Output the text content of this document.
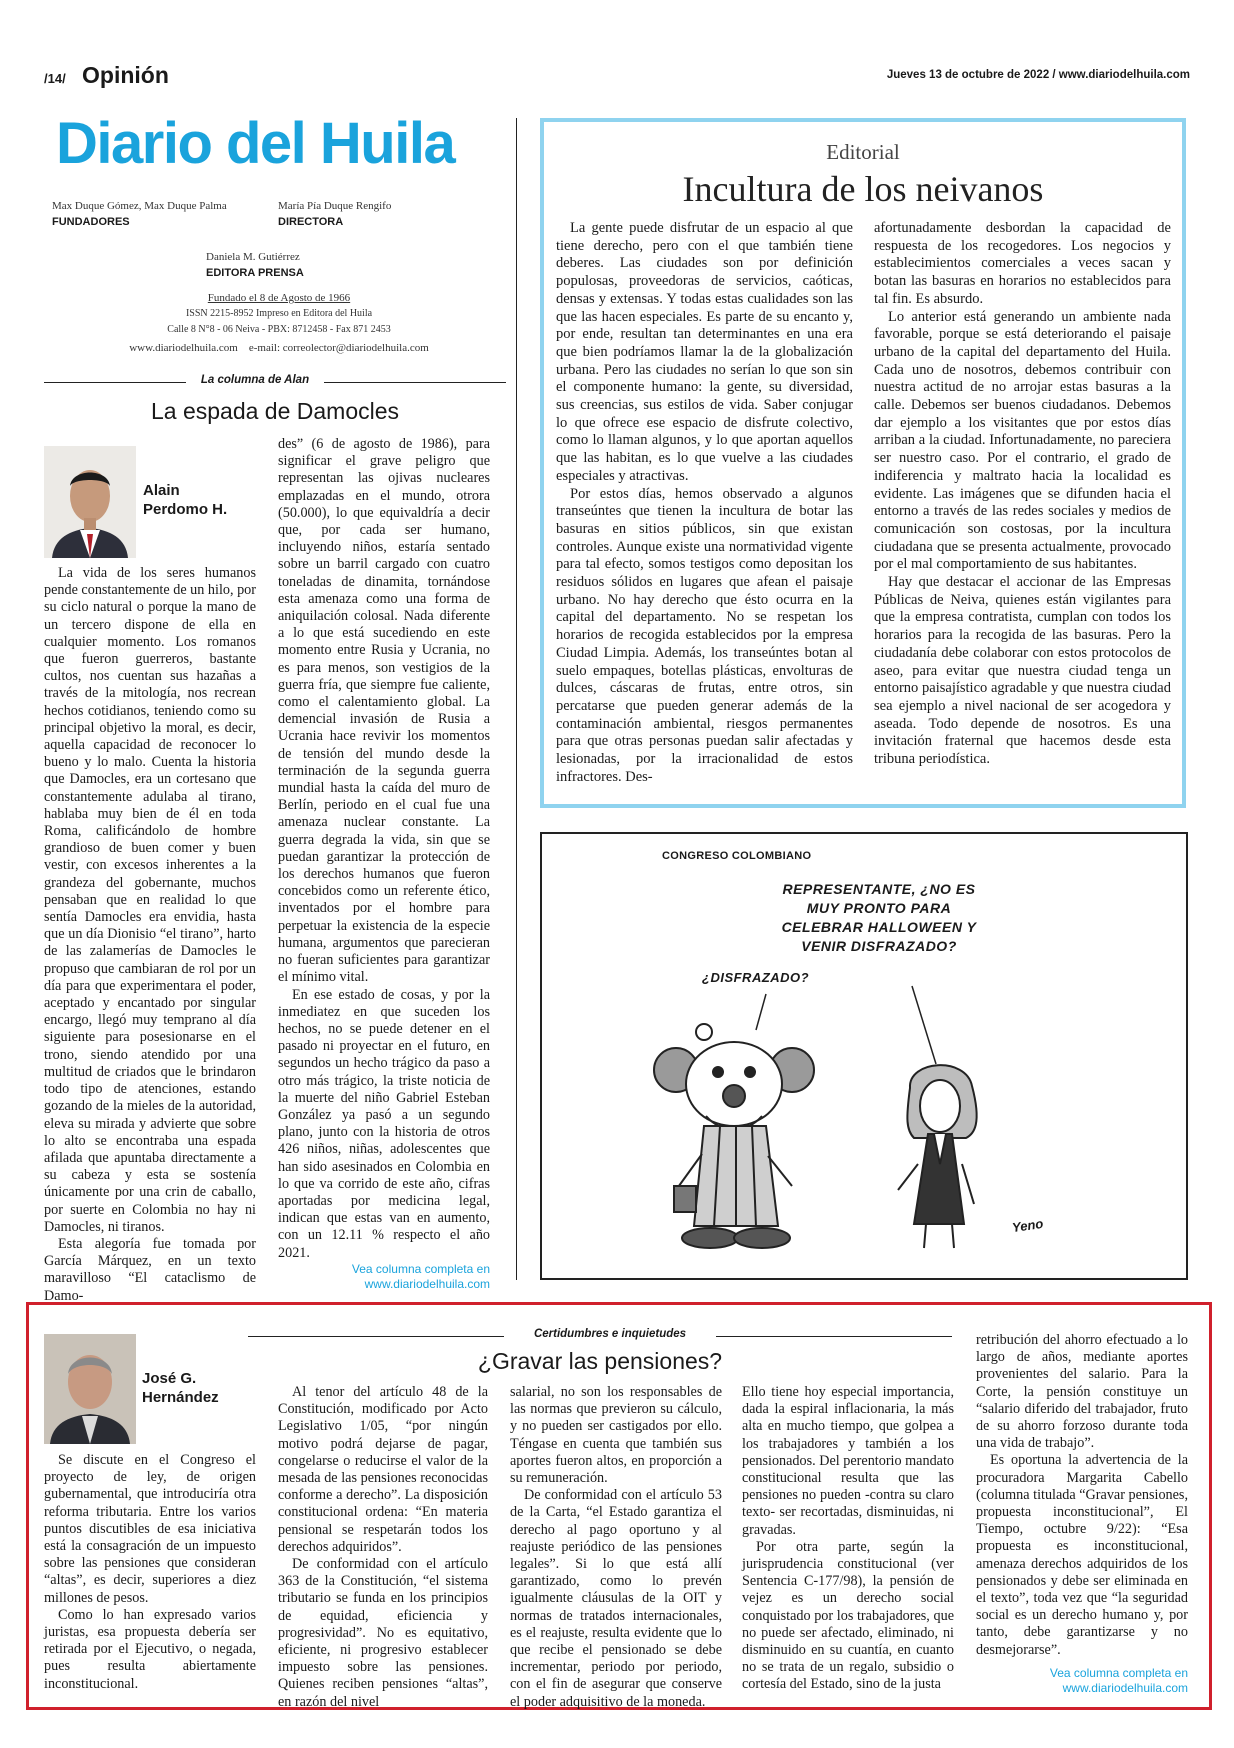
/14/ Opinión	Jueves 13 de octubre de 2022 / www.diariodelhuila.com
Diario del Huila
Max Duque Gómez, Max Duque Palma
FUNDADORES
María Pía Duque Rengifo
DIRECTORA
Daniela M. Gutiérrez
EDITORA PRENSA
Fundado el 8 de Agosto de 1966
ISSN 2215-8952 Impreso en Editora del Huila
Calle 8 N°8 - 06 Neiva - PBX: 8712458 - Fax 871 2453
www.diariodelhuila.com    e-mail: correolector@diariodelhuila.com
La columna de Alan
La espada de Damocles
Alain
Perdomo H.

La vida de los seres humanos pende constantemente de un hilo, por su ciclo natural o porque la mano de un tercero dispone de ella en cualquier momento. Los romanos que fueron guerreros, bastante cultos, nos cuentan sus hazañas a través de la mitología, nos recrean hechos cotidianos, teniendo como su principal objetivo la moral, es decir, aquella capacidad de reconocer lo bueno y lo malo. Cuenta la historia que Damocles, era un cortesano que constantemente adulaba al tirano, hablaba muy bien de él en toda Roma, calificándolo de hombre grandioso de buen comer y buen vestir, con excesos inherentes a la grandeza del gobernante, muchos pensaban que en realidad lo que sentía Damocles era envidia, hasta que un día Dionisio “el tirano”, harto de las zalamerías de Damocles le propuso que cambiaran de rol por un día para que experimentara el poder, aceptado y encantado por singular encargo, llegó muy temprano al día siguiente para posesionarse en el trono, siendo atendido por una multitud de criados que le brindaron todo tipo de atenciones, estando gozando de la mieles de la autoridad, eleva su mirada y advierte que sobre lo alto se encontraba una espada afilada que apuntaba directamente a su cabeza y esta se sostenía únicamente por una crin de caballo, por suerte en Colombia no hay ni Damocles, ni tiranos.

Esta alegoría fue tomada por García Márquez, en un texto maravilloso “El cataclismo de Damo-

des” (6 de agosto de 1986), para significar el grave peligro que representan las ojivas nucleares emplazadas en el mundo, otrora (50.000), lo que equivaldría a decir que, por cada ser humano, incluyendo niños, estaría sentado sobre un barril cargado con cuatro toneladas de dinamita, tornándose esta amenaza como una forma de aniquilación colosal. Nada diferente a lo que está sucediendo en este momento entre Rusia y Ucrania, no es para menos, son vestigios de la guerra fría, que siempre fue caliente, como el calentamiento global. La demencial invasión de Rusia a Ucrania hace revivir los momentos de tensión del mundo desde la terminación de la segunda guerra mundial hasta la caída del muro de Berlín, periodo en el cual fue una amenaza nuclear constante. La guerra degrada la vida, sin que se puedan garantizar la protección de los derechos humanos que fueron concebidos como un referente ético, inventados por el hombre para perpetuar la existencia de la especie humana, argumentos que parecieran no fueran suficientes para garantizar el mínimo vital.

En ese estado de cosas, y por la inmediatez en que suceden los hechos, no se puede detener en el pasado ni proyectar en el futuro, en segundos un hecho trágico da paso a otro más trágico, la triste noticia de la muerte del niño Gabriel Esteban González ya pasó a un segundo plano, junto con la historia de otros 426 niños, niñas, adolescentes que han sido asesinados en Colombia en lo que va corrido de este año, cifras aportadas por medicina legal, indican que estas van en aumento, con un 12.11 % respecto el año 2021.

Vea columna completa en www.diariodelhuila.com
Editorial
Incultura de los neivanos

La gente puede disfrutar de un espacio al que tiene derecho, pero con el que también tiene deberes. Las ciudades son por definición populosas, proveedoras de servicios, caóticas, densas y extensas. Y todas estas cualidades son las que las hacen especiales. Es parte de su encanto y, por ende, resultan tan determinantes en una era que bien podríamos llamar la de la globalización urbana. Pero las ciudades no serían lo que son sin el componente humano: la gente, su diversidad, sus creencias, sus estilos de vida. Saber conjugar lo que ofrece ese espacio de disfrute colectivo, como lo llaman algunos, y lo que aportan aquellos que las habitan, es lo que vuelve a las ciudades especiales y atractivas.

Por estos días, hemos observado a algunos transeúntes que tienen la incultura de botar las basuras en sitios públicos, sin que existan controles. Aunque existe una normatividad vigente para tal efecto, somos testigos como depositan los residuos sólidos en lugares que afean el paisaje urbano. No hay derecho que ésto ocurra en la capital del departamento. No se respetan los horarios de recogida establecidos por la empresa Ciudad Limpia. Además, los transeúntes botan al suelo empaques, botellas plásticas, envolturas de dulces, cáscaras de frutas, entre otros, sin percatarse que pueden generar además de la contaminación ambiental, riesgos permanentes para que otras personas puedan salir afectadas y lesionadas, por la irracionalidad de estos infractores. Des-

afortunadamente desbordan la capacidad de respuesta de los recogedores. Los negocios y establecimientos comerciales a veces sacan y botan las basuras en horarios no establecidos para tal fin. Es absurdo.

Lo anterior está generando un ambiente nada favorable, porque se está deteriorando el paisaje urbano de la capital del departamento del Huila. Cada uno de nosotros, debemos contribuir con nuestra actitud de no arrojar estas basuras a la calle. Debemos ser buenos ciudadanos. Debemos dar ejemplo a los visitantes que por estos días arriban a la ciudad. Infortunadamente, no pareciera ser nuestro caso. Por el contrario, el grado de indiferencia y maltrato hacia la localidad es evidente. Las imágenes que se difunden hacia el entorno a través de las redes sociales y medios de comunicación son costosas, por la incultura ciudadana que se presenta actualmente, provocado por el mal comportamiento de sus habitantes.

Hay que destacar el accionar de las Empresas Públicas de Neiva, quienes están vigilantes para que la empresa contratista, cumplan con todos los horarios para la recogida de las basuras. Pero la ciudadanía debe colaborar con estos protocolos de aseo, para evitar que nuestra ciudad tenga un entorno paisajístico agradable y que nuestra ciudad sea ejemplo a nivel nacional de ser acogedora y aseada. Todo depende de nosotros. Es una invitación fraternal que hacemos desde esta tribuna periodística.

CONGRESO COLOMBIANO
REPRESENTANTE, ¿NO ES MUY PRONTO PARA CELEBRAR HALLOWEEN Y VENIR DISFRAZADO?
¿DISFRAZADO?
Yeno
Certidumbres e inquietudes
¿Gravar las pensiones?
José G.
Hernández

Se discute en el Congreso el proyecto de ley, de origen gubernamental, que introduciría otra reforma tributaria. Entre los varios puntos discutibles de esa iniciativa está la consagración de un impuesto sobre las pensiones que consideran “altas”, es decir, superiores a diez millones de pesos.

Como lo han expresado varios juristas, esa propuesta debería ser retirada por el Ejecutivo, o negada, pues resulta abiertamente inconstitucional.

Al tenor del artículo 48 de la Constitución, modificado por Acto Legislativo 1/05, “por ningún motivo podrá dejarse de pagar, congelarse o reducirse el valor de la mesada de las pensiones reconocidas conforme a derecho”. La disposición constitucional ordena: “En materia pensional se respetarán todos los derechos adquiridos”.

De conformidad con el artículo 363 de la Constitución, “el sistema tributario se funda en los principios de equidad, eficiencia y progresividad”. No es equitativo, eficiente, ni progresivo establecer impuesto sobre las pensiones. Quienes reciben pensiones “altas”, en razón del nivel

salarial, no son los responsables de las normas que previeron su cálculo, y no pueden ser castigados por ello. Téngase en cuenta que también sus aportes fueron altos, en proporción a su remuneración.

De conformidad con el artículo 53 de la Carta, “el Estado garantiza el derecho al pago oportuno y al reajuste periódico de las pensiones legales”. Si lo que está allí garantizado, como lo prevén igualmente cláusulas de la OIT y normas de tratados internacionales, es el reajuste, resulta evidente que lo que recibe el pensionado se debe incrementar, periodo por periodo, con el fin de asegurar que conserve el poder adquisitivo de la moneda.

Ello tiene hoy especial importancia, dada la espiral inflacionaria, la más alta en mucho tiempo, que golpea a los trabajadores y también a los pensionados. Del perentorio mandato constitucional resulta que las pensiones no pueden -contra su claro texto- ser recortadas, disminuidas, ni gravadas.

Por otra parte, según la jurisprudencia constitucional (ver Sentencia C-177/98), la pensión de vejez es un derecho social conquistado por los trabajadores, que no puede ser afectado, eliminado, ni disminuido en su cuantía, en cuanto no se trata de un regalo, subsidio o cortesía del Estado, sino de la justa

retribución del ahorro efectuado a lo largo de años, mediante aportes provenientes del salario. Para la Corte, la pensión constituye un “salario diferido del trabajador, fruto de su ahorro forzoso durante toda una vida de trabajo”.

Es oportuna la advertencia de la procuradora Margarita Cabello (columna titulada “Gravar pensiones, propuesta inconstitucional”, El Tiempo, octubre 9/22): “Esa propuesta es inconstitucional, amenaza derechos adquiridos de los pensionados y debe ser eliminada en el texto”, toda vez que “la seguridad social es un derecho humano y, por tanto, debe garantizarse y no desmejorarse”.

Vea columna completa en www.diariodelhuila.com
